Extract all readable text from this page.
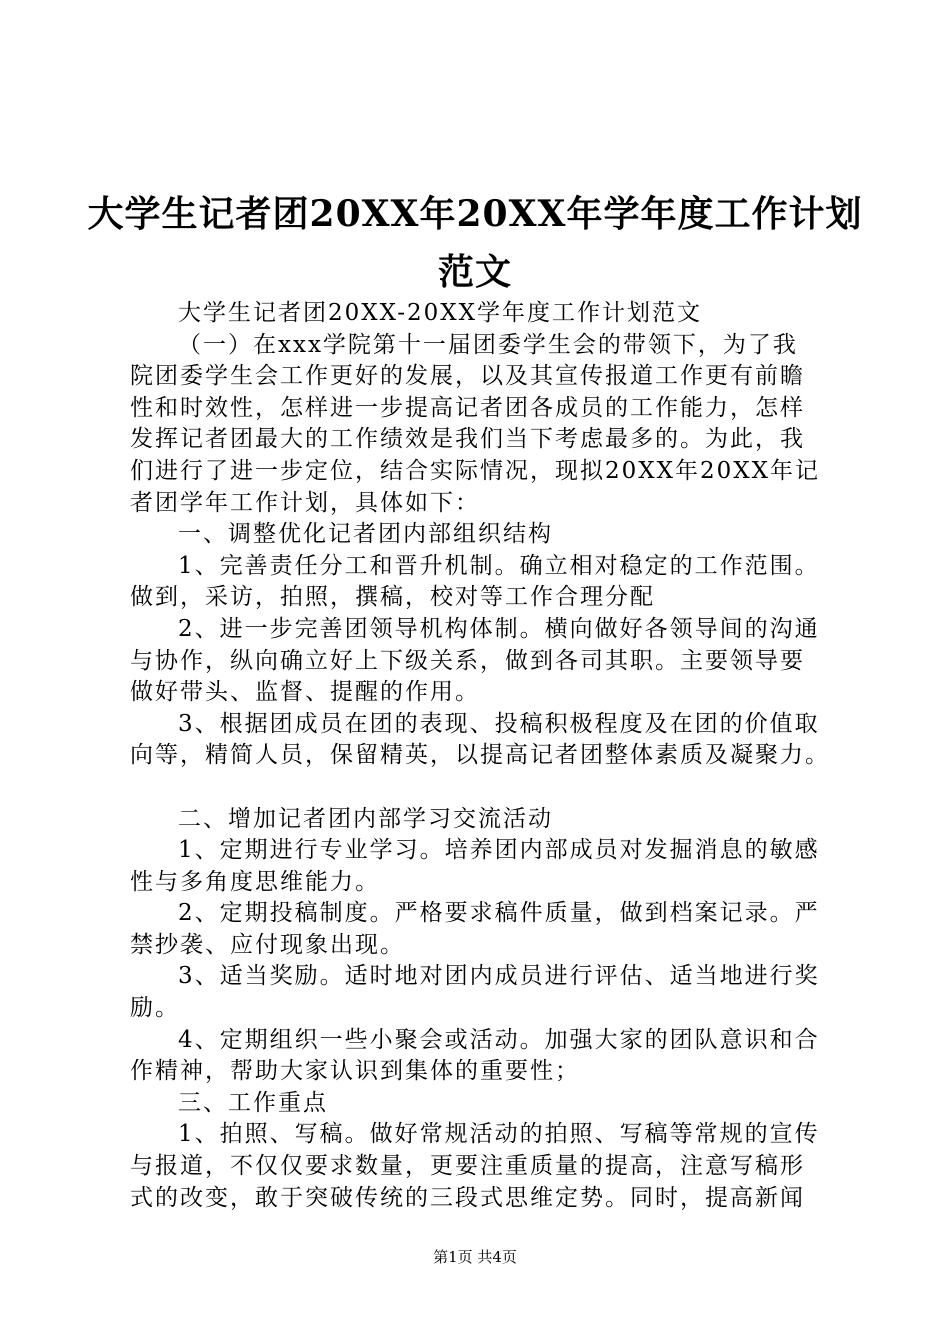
大学生记者团20XX年20XX年学年度工作计划
范文
大学生记者团20XX-20XX学年度工作计划范文
（一）在xxx学院第十一届团委学生会的带领下，为了我
院团委学生会工作更好的发展，以及其宣传报道工作更有前瞻
性和时效性，怎样进一步提高记者团各成员的工作能力，怎样
发挥记者团最大的工作绩效是我们当下考虑最多的。为此，我
们进行了进一步定位，结合实际情况，现拟20XX年20XX年记
者团学年工作计划，具体如下：
一、调整优化记者团内部组织结构
1、完善责任分工和晋升机制。确立相对稳定的工作范围。
做到，采访，拍照，撰稿，校对等工作合理分配
2、进一步完善团领导机构体制。横向做好各领导间的沟通
与协作，纵向确立好上下级关系，做到各司其职。主要领导要
做好带头、监督、提醒的作用。
3、根据团成员在团的表现、投稿积极程度及在团的价值取
向等，精简人员，保留精英，以提高记者团整体素质及凝聚力。
二、增加记者团内部学习交流活动
1、定期进行专业学习。培养团内部成员对发掘消息的敏感
性与多角度思维能力。
2、定期投稿制度。严格要求稿件质量，做到档案记录。严
禁抄袭、应付现象出现。
3、适当奖励。适时地对团内成员进行评估、适当地进行奖
励。
4、定期组织一些小聚会或活动。加强大家的团队意识和合
作精神，帮助大家认识到集体的重要性；
三、工作重点
1、拍照、写稿。做好常规活动的拍照、写稿等常规的宣传
与报道，不仅仅要求数量，更要注重质量的提高，注意写稿形
式的改变，敢于突破传统的三段式思维定势。同时，提高新闻
第1页 共4页
